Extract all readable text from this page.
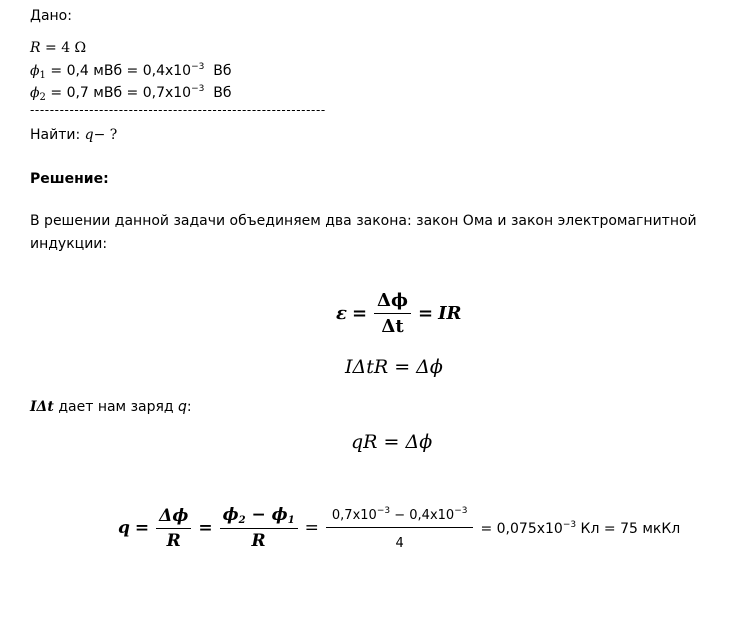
Дано:
R = 4 Ω
$\phi_1 = 0,4$ мВб = $0,4x10^{-3}$ Вб
$\phi_2 = 0,7$ мВб = $0,7x10^{-3}$ Вб
------------------------------------------------------------
Найти: q− ?
Решение:
В решении данной задачи объединяем два закона: закон Ома и закон электромагнитной
индукции:
$\varepsilon = \frac{\Delta\phi}{\Delta t}$ = IR
IΔtR = Δϕ
IΔt дает нам заряд q:
qR = Δϕ
$q = \frac{\Delta\phi}{R} = \frac{\phi_2 - \phi_1}{R} = \frac{0,7x10^{-3} - 0,4x10^{-3}}{4} = 0,075x10^{-3}$ Кл = 75 мкКл
